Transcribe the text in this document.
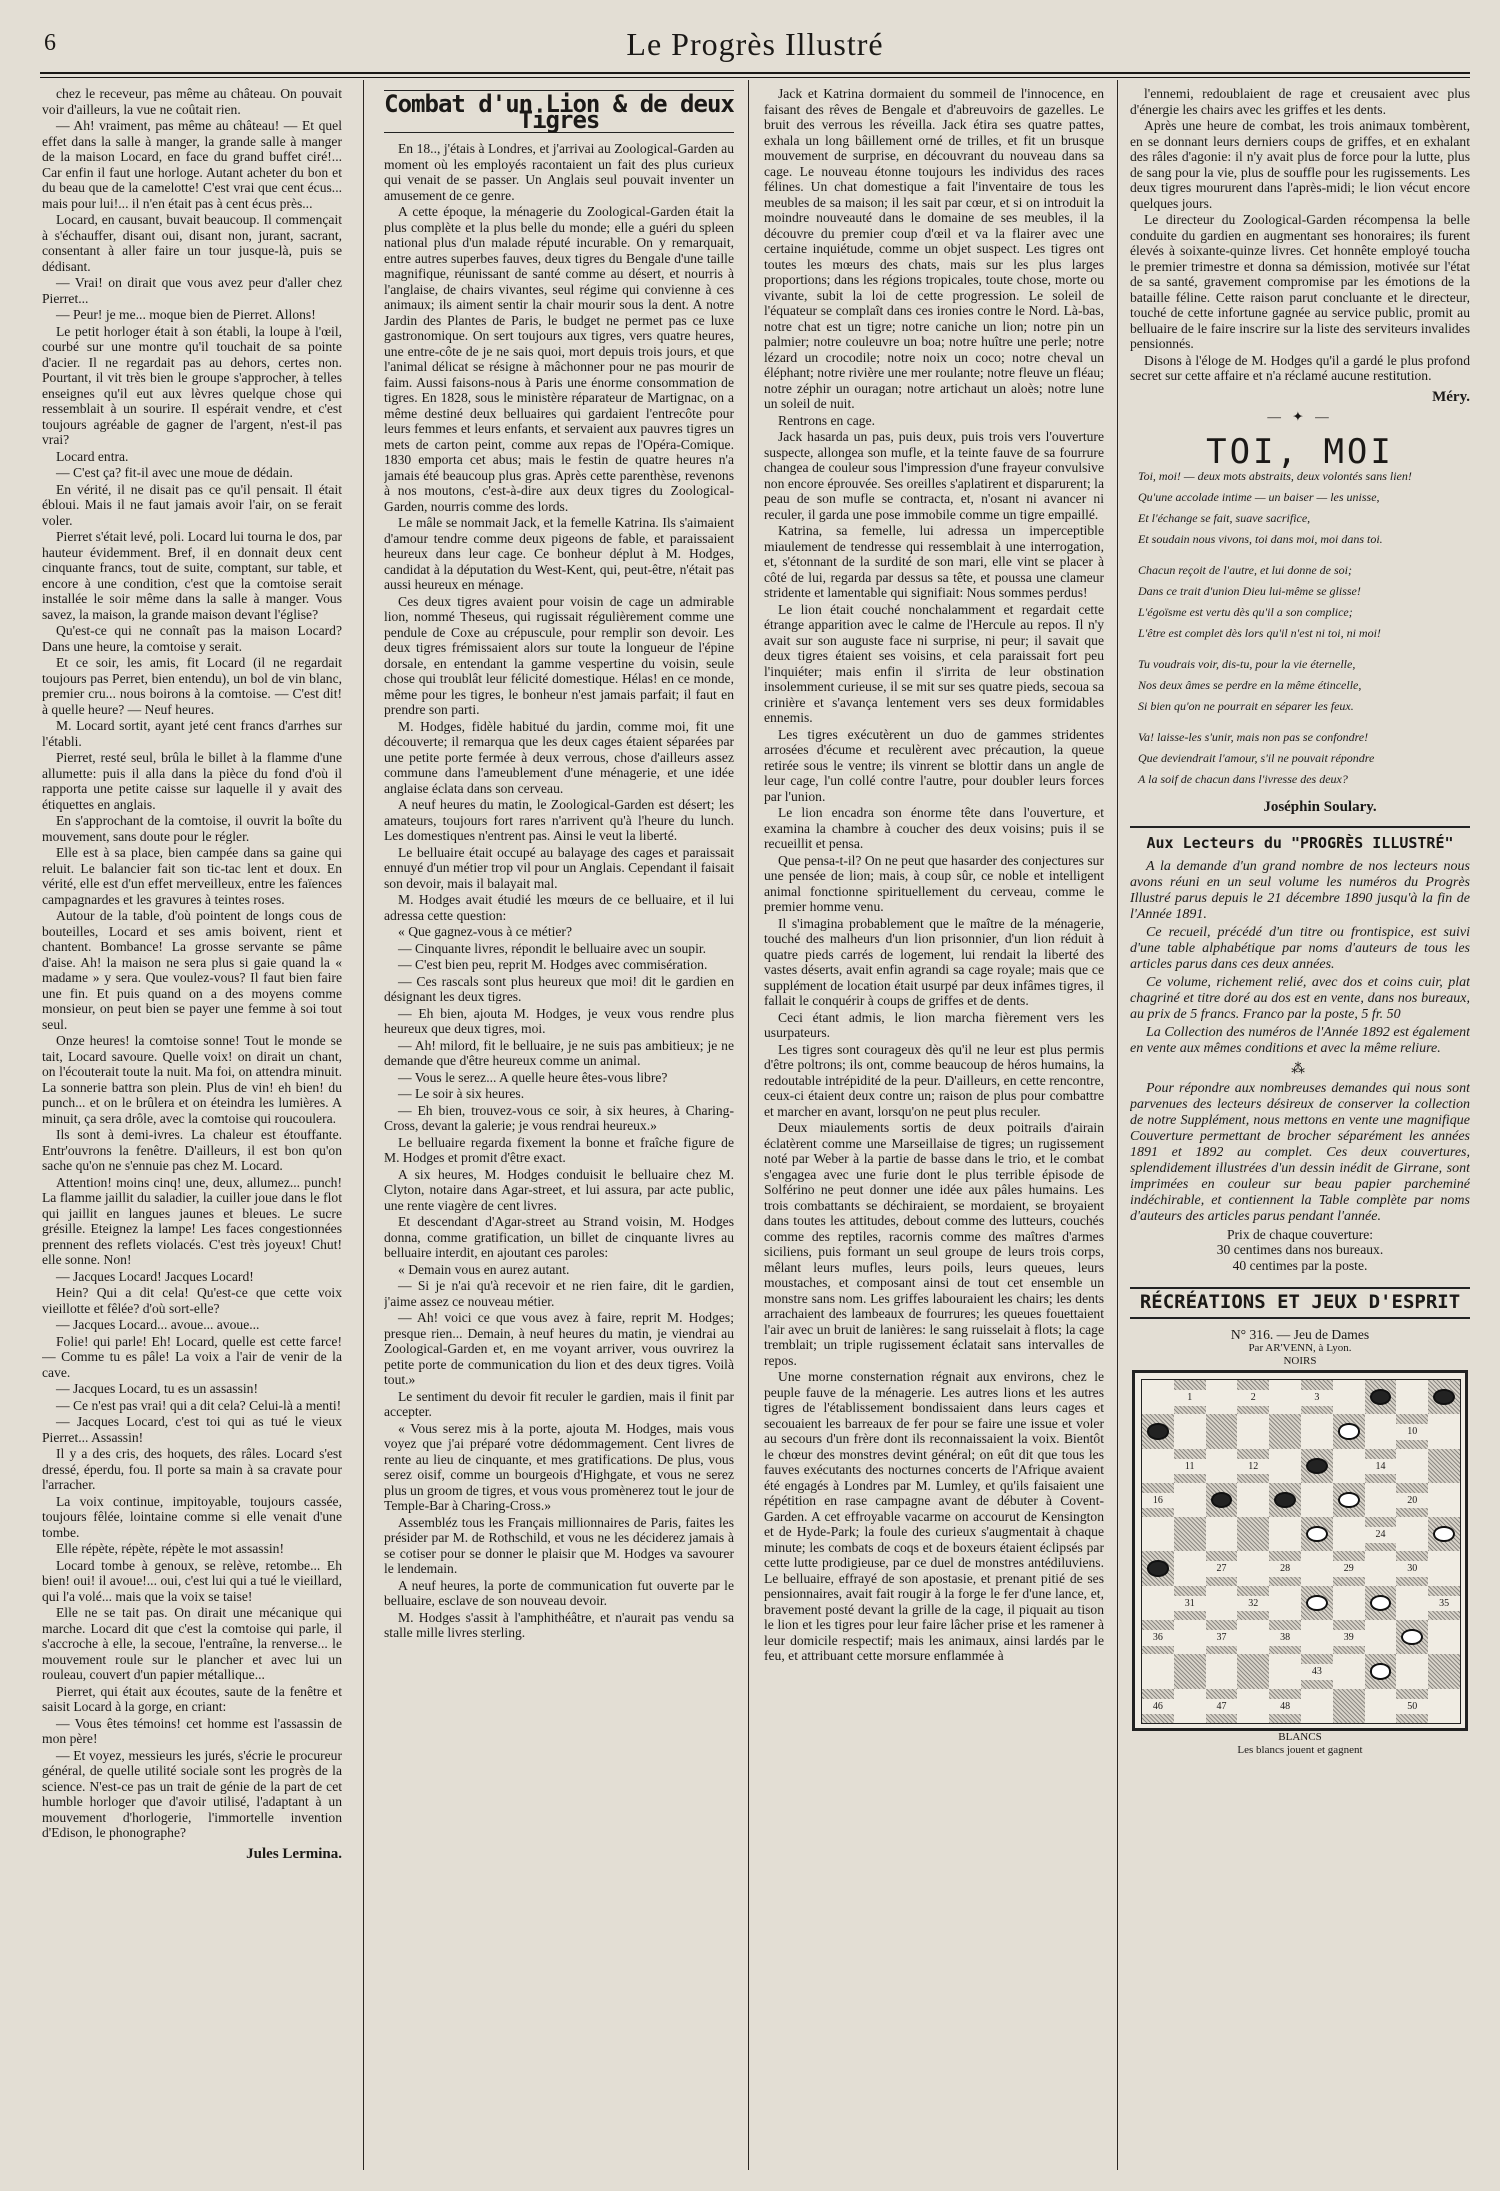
6	Le Progrès Illustré

chez le receveur, pas même au château. On pouvait voir d'ailleurs, la vue ne coûtait rien.

— Ah! vraiment, pas même au château! — Et quel effet dans la salle à manger, la grande salle à manger de la maison Locard, en face du grand buffet ciré!... Car enfin il faut une horloge. Autant acheter du bon et du beau que de la camelotte! C'est vrai que cent écus... mais pour lui!... il n'en était pas à cent écus près...

Locard, en causant, buvait beaucoup. Il commençait à s'échauffer, disant oui, disant non, jurant, sacrant, consentant à aller faire un tour jusque-là, puis se dédisant.

— Vrai! on dirait que vous avez peur d'aller chez Pierret...

— Peur! je me... moque bien de Pierret. Allons!

Le petit horloger était à son établi, la loupe à l'œil, courbé sur une montre qu'il touchait de sa pointe d'acier. Il ne regardait pas au dehors, certes non. Pourtant, il vit très bien le groupe s'approcher, à telles enseignes qu'il eut aux lèvres quelque chose qui ressemblait à un sourire. Il espérait vendre, et c'est toujours agréable de gagner de l'argent, n'est-il pas vrai?

Locard entra.

— C'est ça? fit-il avec une moue de dédain.

En vérité, il ne disait pas ce qu'il pensait. Il était ébloui. Mais il ne faut jamais avoir l'air, on se ferait voler.

Pierret s'était levé, poli. Locard lui tourna le dos, par hauteur évidemment. Bref, il en donnait deux cent cinquante francs, tout de suite, comptant, sur table, et encore à une condition, c'est que la comtoise serait installée le soir même dans la salle à manger. Vous savez, la maison, la grande maison devant l'église?

Qu'est-ce qui ne connaît pas la maison Locard? Dans une heure, la comtoise y serait.

Et ce soir, les amis, fit Locard (il ne regardait toujours pas Perret, bien entendu), un bol de vin blanc, premier cru... nous boirons à la comtoise. — C'est dit! à quelle heure? — Neuf heures.

M. Locard sortit, ayant jeté cent francs d'arrhes sur l'établi.

Pierret, resté seul, brûla le billet à la flamme d'une allumette: puis il alla dans la pièce du fond d'où il rapporta une petite caisse sur laquelle il y avait des étiquettes en anglais.

En s'approchant de la comtoise, il ouvrit la boîte du mouvement, sans doute pour le régler.

Elle est à sa place, bien campée dans sa gaine qui reluit. Le balancier fait son tic-tac lent et doux. En vérité, elle est d'un effet merveilleux, entre les faïences campagnardes et les gravures à teintes roses.

Autour de la table, d'où pointent de longs cous de bouteilles, Locard et ses amis boivent, rient et chantent. Bombance! La grosse servante se pâme d'aise. Ah! la maison ne sera plus si gaie quand la « madame » y sera. Que voulez-vous? Il faut bien faire une fin. Et puis quand on a des moyens comme monsieur, on peut bien se payer une femme à soi tout seul.

Onze heures! la comtoise sonne! Tout le monde se tait, Locard savoure. Quelle voix! on dirait un chant, on l'écouterait toute la nuit. Ma foi, on attendra minuit. La sonnerie battra son plein. Plus de vin! eh bien! du punch... et on le brûlera et on éteindra les lumières. A minuit, ça sera drôle, avec la comtoise qui roucoulera.

Ils sont à demi-ivres. La chaleur est étouffante. Entr'ouvrons la fenêtre. D'ailleurs, il est bon qu'on sache qu'on ne s'ennuie pas chez M. Locard.

Attention! moins cinq! une, deux, allumez... punch! La flamme jaillit du saladier, la cuiller joue dans le flot qui jaillit en langues jaunes et bleues. Le sucre grésille. Eteignez la lampe! Les faces congestionnées prennent des reflets violacés. C'est très joyeux! Chut! elle sonne. Non!

— Jacques Locard! Jacques Locard!

Hein? Qui a dit cela! Qu'est-ce que cette voix vieillotte et fêlée? d'où sort-elle?

— Jacques Locard... avoue... avoue...

Folie! qui parle! Eh! Locard, quelle est cette farce! — Comme tu es pâle! La voix a l'air de venir de la cave.

— Jacques Locard, tu es un assassin!

— Ce n'est pas vrai! qui a dit cela? Celui-là a menti!

— Jacques Locard, c'est toi qui as tué le vieux Pierret... Assassin!

Il y a des cris, des hoquets, des râles. Locard s'est dressé, éperdu, fou. Il porte sa main à sa cravate pour l'arracher.

La voix continue, impitoyable, toujours cassée, toujours fêlée, lointaine comme si elle venait d'une tombe.

Elle répète, répète, répète le mot assassin!

Locard tombe à genoux, se relève, retombe... Eh bien! oui! il avoue!... oui, c'est lui qui a tué le vieillard, qui l'a volé... mais que la voix se taise!

Elle ne se tait pas. On dirait une mécanique qui marche. Locard dit que c'est la comtoise qui parle, il s'accroche à elle, la secoue, l'entraîne, la renverse... le mouvement roule sur le plancher et avec lui un rouleau, couvert d'un papier métallique...

Pierret, qui était aux écoutes, saute de la fenêtre et saisit Locard à la gorge, en criant:

— Vous êtes témoins! cet homme est l'assassin de mon père!

— Et voyez, messieurs les jurés, s'écrie le procureur général, de quelle utilité sociale sont les progrès de la science. N'est-ce pas un trait de génie de la part de cet humble horloger que d'avoir utilisé, l'adaptant à un mouvement d'horlogerie, l'immortelle invention d'Edison, le phonographe?

Jules Lermina.
Combat d'un Lion & de deux Tigres

En 18.., j'étais à Londres, et j'arrivai au Zoological-Garden au moment où les employés racontaient un fait des plus curieux qui venait de se passer. Un Anglais seul pouvait inventer un amusement de ce genre.

A cette époque, la ménagerie du Zoological-Garden était la plus complète et la plus belle du monde; elle a guéri du spleen national plus d'un malade réputé incurable. On y remarquait, entre autres superbes fauves, deux tigres du Bengale d'une taille magnifique, réunissant de santé comme au désert, et nourris à l'anglaise, de chairs vivantes, seul régime qui convienne à ces animaux; ils aiment sentir la chair mourir sous la dent. A notre Jardin des Plantes de Paris, le budget ne permet pas ce luxe gastronomique. On sert toujours aux tigres, vers quatre heures, une entre-côte de je ne sais quoi, mort depuis trois jours, et que l'animal délicat se résigne à mâchonner pour ne pas mourir de faim. Aussi faisons-nous à Paris une énorme consommation de tigres. En 1828, sous le ministère réparateur de Martignac, on a même destiné deux belluaires qui gardaient l'entrecôte pour leurs femmes et leurs enfants, et servaient aux pauvres tigres un mets de carton peint, comme aux repas de l'Opéra-Comique. 1830 emporta cet abus; mais le festin de quatre heures n'a jamais été beaucoup plus gras. Après cette parenthèse, revenons à nos moutons, c'est-à-dire aux deux tigres du Zoological-Garden, nourris comme des lords.

Le mâle se nommait Jack, et la femelle Katrina. Ils s'aimaient d'amour tendre comme deux pigeons de fable, et paraissaient heureux dans leur cage. Ce bonheur déplut à M. Hodges, candidat à la députation du West-Kent, qui, peut-être, n'était pas aussi heureux en ménage.

Ces deux tigres avaient pour voisin de cage un admirable lion, nommé Theseus, qui rugissait régulièrement comme une pendule de Coxe au crépuscule, pour remplir son devoir. Les deux tigres frémissaient alors sur toute la longueur de l'épine dorsale, en entendant la gamme vespertine du voisin, seule chose qui troublât leur félicité domestique. Hélas! en ce monde, même pour les tigres, le bonheur n'est jamais parfait; il faut en prendre son parti.

M. Hodges, fidèle habitué du jardin, comme moi, fit une découverte; il remarqua que les deux cages étaient séparées par une petite porte fermée à deux verrous, chose d'ailleurs assez commune dans l'ameublement d'une ménagerie, et une idée anglaise éclata dans son cerveau.

A neuf heures du matin, le Zoological-Garden est désert; les amateurs, toujours fort rares n'arrivent qu'à l'heure du lunch. Les domestiques n'entrent pas. Ainsi le veut la liberté.

Le belluaire était occupé au balayage des cages et paraissait ennuyé d'un métier trop vil pour un Anglais. Cependant il faisait son devoir, mais il balayait mal.

M. Hodges avait étudié les mœurs de ce belluaire, et il lui adressa cette question:

« Que gagnez-vous à ce métier?

— Cinquante livres, répondit le belluaire avec un soupir.

— C'est bien peu, reprit M. Hodges avec commisération.

— Ces rascals sont plus heureux que moi! dit le gardien en désignant les deux tigres.

— Eh bien, ajouta M. Hodges, je veux vous rendre plus heureux que deux tigres, moi.

— Ah! milord, fit le belluaire, je ne suis pas ambitieux; je ne demande que d'être heureux comme un animal.

— Vous le serez... A quelle heure êtes-vous libre?

— Le soir à six heures.

— Eh bien, trouvez-vous ce soir, à six heures, à Charing-Cross, devant la galerie; je vous rendrai heureux.»

Le belluaire regarda fixement la bonne et fraîche figure de M. Hodges et promit d'être exact.

A six heures, M. Hodges conduisit le belluaire chez M. Clyton, notaire dans Agar-street, et lui assura, par acte public, une rente viagère de cent livres.

Et descendant d'Agar-street au Strand voisin, M. Hodges donna, comme gratification, un billet de cinquante livres au belluaire interdit, en ajoutant ces paroles:

« Demain vous en aurez autant.

— Si je n'ai qu'à recevoir et ne rien faire, dit le gardien, j'aime assez ce nouveau métier.

— Ah! voici ce que vous avez à faire, reprit M. Hodges; presque rien... Demain, à neuf heures du matin, je viendrai au Zoological-Garden et, en me voyant arriver, vous ouvrirez la petite porte de communication du lion et des deux tigres. Voilà tout.»

Le sentiment du devoir fit reculer le gardien, mais il finit par accepter.

« Vous serez mis à la porte, ajouta M. Hodges, mais vous voyez que j'ai préparé votre dédommagement. Cent livres de rente au lieu de cinquante, et mes gratifications. De plus, vous serez oisif, comme un bourgeois d'Highgate, et vous ne serez plus un groom de tigres, et vous vous promènerez tout le jour de Temple-Bar à Charing-Cross.»

Assembléz tous les Français millionnaires de Paris, faites les présider par M. de Rothschild, et vous ne les déciderez jamais à se cotiser pour se donner le plaisir que M. Hodges va savourer le lendemain.

A neuf heures, la porte de communication fut ouverte par le belluaire, esclave de son nouveau devoir.

M. Hodges s'assit à l'amphithéâtre, et n'aurait pas vendu sa stalle mille livres sterling.

Jack et Katrina dormaient du sommeil de l'innocence, en faisant des rêves de Bengale et d'abreuvoirs de gazelles. Le bruit des verrous les réveilla. Jack étira ses quatre pattes, exhala un long bâillement orné de trilles, et fit un brusque mouvement de surprise, en découvrant du nouveau dans sa cage. Le nouveau étonne toujours les individus des races félines. Un chat domestique a fait l'inventaire de tous les meubles de sa maison; il les sait par cœur, et si on introduit la moindre nouveauté dans le domaine de ses meubles, il la découvre du premier coup d'œil et va la flairer avec une certaine inquiétude, comme un objet suspect. Les tigres ont toutes les mœurs des chats, mais sur les plus larges proportions; dans les régions tropicales, toute chose, morte ou vivante, subit la loi de cette progression. Le soleil de l'équateur se complaît dans ces ironies contre le Nord. Là-bas, notre chat est un tigre; notre caniche un lion; notre pin un palmier; notre couleuvre un boa; notre huître une perle; notre lézard un crocodile; notre noix un coco; notre cheval un éléphant; notre rivière une mer roulante; notre fleuve un fléau; notre zéphir un ouragan; notre artichaut un aloès; notre lune un soleil de nuit.

Rentrons en cage.

Jack hasarda un pas, puis deux, puis trois vers l'ouverture suspecte, allongea son mufle, et la teinte fauve de sa fourrure changea de couleur sous l'impression d'une frayeur convulsive non encore éprouvée. Ses oreilles s'aplatirent et disparurent; la peau de son mufle se contracta, et, n'osant ni avancer ni reculer, il garda une pose immobile comme un tigre empaillé.

Katrina, sa femelle, lui adressa un imperceptible miaulement de tendresse qui ressemblait à une interrogation, et, s'étonnant de la surdité de son mari, elle vint se placer à côté de lui, regarda par dessus sa tête, et poussa une clameur stridente et lamentable qui signifiait: Nous sommes perdus!

Le lion était couché nonchalamment et regardait cette étrange apparition avec le calme de l'Hercule au repos. Il n'y avait sur son auguste face ni surprise, ni peur; il savait que deux tigres étaient ses voisins, et cela paraissait fort peu l'inquiéter; mais enfin il s'irrita de leur obstination insolemment curieuse, il se mit sur ses quatre pieds, secoua sa crinière et s'avança lentement vers ses deux formidables ennemis.

Les tigres exécutèrent un duo de gammes stridentes arrosées d'écume et reculèrent avec précaution, la queue retirée sous le ventre; ils vinrent se blottir dans un angle de leur cage, l'un collé contre l'autre, pour doubler leurs forces par l'union.

Le lion encadra son énorme tête dans l'ouverture, et examina la chambre à coucher des deux voisins; puis il se recueillit et pensa.

Que pensa-t-il? On ne peut que hasarder des conjectures sur une pensée de lion; mais, à coup sûr, ce noble et intelligent animal fonctionne spirituellement du cerveau, comme le premier homme venu.

Il s'imagina probablement que le maître de la ménagerie, touché des malheurs d'un lion prisonnier, d'un lion réduit à quatre pieds carrés de logement, lui rendait la liberté des vastes déserts, avait enfin agrandi sa cage royale; mais que ce supplément de location était usurpé par deux infâmes tigres, il fallait le conquérir à coups de griffes et de dents.

Ceci étant admis, le lion marcha fièrement vers les usurpateurs.

Les tigres sont courageux dès qu'il ne leur est plus permis d'être poltrons; ils ont, comme beaucoup de héros humains, la redoutable intrépidité de la peur. D'ailleurs, en cette rencontre, ceux-ci étaient deux contre un; raison de plus pour combattre et marcher en avant, lorsqu'on ne peut plus reculer.

Deux miaulements sortis de deux poitrails d'airain éclatèrent comme une Marseillaise de tigres; un rugissement noté par Weber à la partie de basse dans le trio, et le combat s'engagea avec une furie dont le plus terrible épisode de Solférino ne peut donner une idée aux pâles humains. Les trois combattants se déchiraient, se mordaient, se broyaient dans toutes les attitudes, debout comme des lutteurs, couchés comme des reptiles, racornis comme des maîtres d'armes siciliens, puis formant un seul groupe de leurs trois corps, mêlant leurs mufles, leurs poils, leurs queues, leurs moustaches, et composant ainsi de tout cet ensemble un monstre sans nom. Les griffes labouraient les chairs; les dents arrachaient des lambeaux de fourrures; les queues fouettaient l'air avec un bruit de lanières: le sang ruisselait à flots; la cage tremblait; un triple rugissement éclatait sans intervalles de repos.

Une morne consternation régnait aux environs, chez le peuple fauve de la ménagerie. Les autres lions et les autres tigres de l'établissement bondissaient dans leurs cages et secouaient les barreaux de fer pour se faire une issue et voler au secours d'un frère dont ils reconnaissaient la voix. Bientôt le chœur des monstres devint général; on eût dit que tous les fauves exécutants des nocturnes concerts de l'Afrique avaient été engagés à Londres par M. Lumley, et qu'ils faisaient une répétition en rase campagne avant de débuter à Covent-Garden. A cet effroyable vacarme on accourut de Kensington et de Hyde-Park; la foule des curieux s'augmentait à chaque minute; les combats de coqs et de boxeurs étaient éclipsés par cette lutte prodigieuse, par ce duel de monstres antédiluviens. Le belluaire, effrayé de son apostasie, et prenant pitié de ses pensionnaires, avait fait rougir à la forge le fer d'une lance, et, bravement posté devant la grille de la cage, il piquait au tison le lion et les tigres pour leur faire lâcher prise et les ramener à leur domicile respectif; mais les animaux, ainsi lardés par le feu, et attribuant cette morsure enflammée à

l'ennemi, redoublaient de rage et creusaient avec plus d'énergie les chairs avec les griffes et les dents.

Après une heure de combat, les trois animaux tombèrent, en se donnant leurs derniers coups de griffes, et en exhalant des râles d'agonie: il n'y avait plus de force pour la lutte, plus de sang pour la vie, plus de souffle pour les rugissements. Les deux tigres moururent dans l'après-midi; le lion vécut encore quelques jours.

Le directeur du Zoological-Garden récompensa la belle conduite du gardien en augmentant ses honoraires; ils furent élevés à soixante-quinze livres. Cet honnête employé toucha le premier trimestre et donna sa démission, motivée sur l'état de sa santé, gravement compromise par les émotions de la bataille féline. Cette raison parut concluante et le directeur, touché de cette infortune gagnée au service public, promit au belluaire de le faire inscrire sur la liste des serviteurs invalides pensionnés.

Disons à l'éloge de M. Hodges qu'il a gardé le plus profond secret sur cette affaire et n'a réclamé aucune restitution.

Méry.
— ✦ —
TOI, MOI
Toi, moi! — deux mots abstraits, deux volontés sans lien!
Qu'une accolade intime — un baiser — les unisse,
Et l'échange se fait, suave sacrifice,
Et soudain nous vivons, toi dans moi, moi dans toi.
Chacun reçoit de l'autre, et lui donne de soi;
Dans ce trait d'union Dieu lui-même se glisse!
L'égoïsme est vertu dès qu'il a son complice;
L'être est complet dès lors qu'il n'est ni toi, ni moi!
Tu voudrais voir, dis-tu, pour la vie éternelle,
Nos deux âmes se perdre en la même étincelle,
Si bien qu'on ne pourrait en séparer les feux.
Va! laisse-les s'unir, mais non pas se confondre!
Que deviendrait l'amour, s'il ne pouvait répondre
A la soif de chacun dans l'ivresse des deux?
Joséphin Soulary.
Aux Lecteurs du "PROGRÈS ILLUSTRÉ"

A la demande d'un grand nombre de nos lecteurs nous avons réuni en un seul volume les numéros du Progrès Illustré parus depuis le 21 décembre 1890 jusqu'à la fin de l'Année 1891.

Ce recueil, précédé d'un titre ou frontispice, est suivi d'une table alphabétique par noms d'auteurs de tous les articles parus dans ces deux années.

Ce volume, richement relié, avec dos et coins cuir, plat chagriné et titre doré au dos est en vente, dans nos bureaux, au prix de 5 francs. Franco par la poste, 5 fr. 50

La Collection des numéros de l'Année 1892 est également en vente aux mêmes conditions et avec la même reliure.

⁂

Pour répondre aux nombreuses demandes qui nous sont parvenues des lecteurs désireux de conserver la collection de notre Supplément, nous mettons en vente une magnifique Couverture permettant de brocher séparément les années 1891 et 1892 au complet. Ces deux couvertures, splendidement illustrées d'un dessin inédit de Girrane, sont imprimées en couleur sur beau papier parcheminé indéchirable, et contiennent la Table complète par noms d'auteurs des articles parus pendant l'année.

Prix de chaque couverture:
30 centimes dans nos bureaux.
40 centimes par la poste.
RÉCRÉATIONS ET JEUX D'ESPRIT
N° 316. — Jeu de Dames
Par AR'VENN, à Lyon.
NOIRS
1	2	3
10
11	12	14
16	20
24
27	28	29	30
31	32	35
36	37	38	39
43
46	47	48	50
BLANCS
Les blancs jouent et gagnent
